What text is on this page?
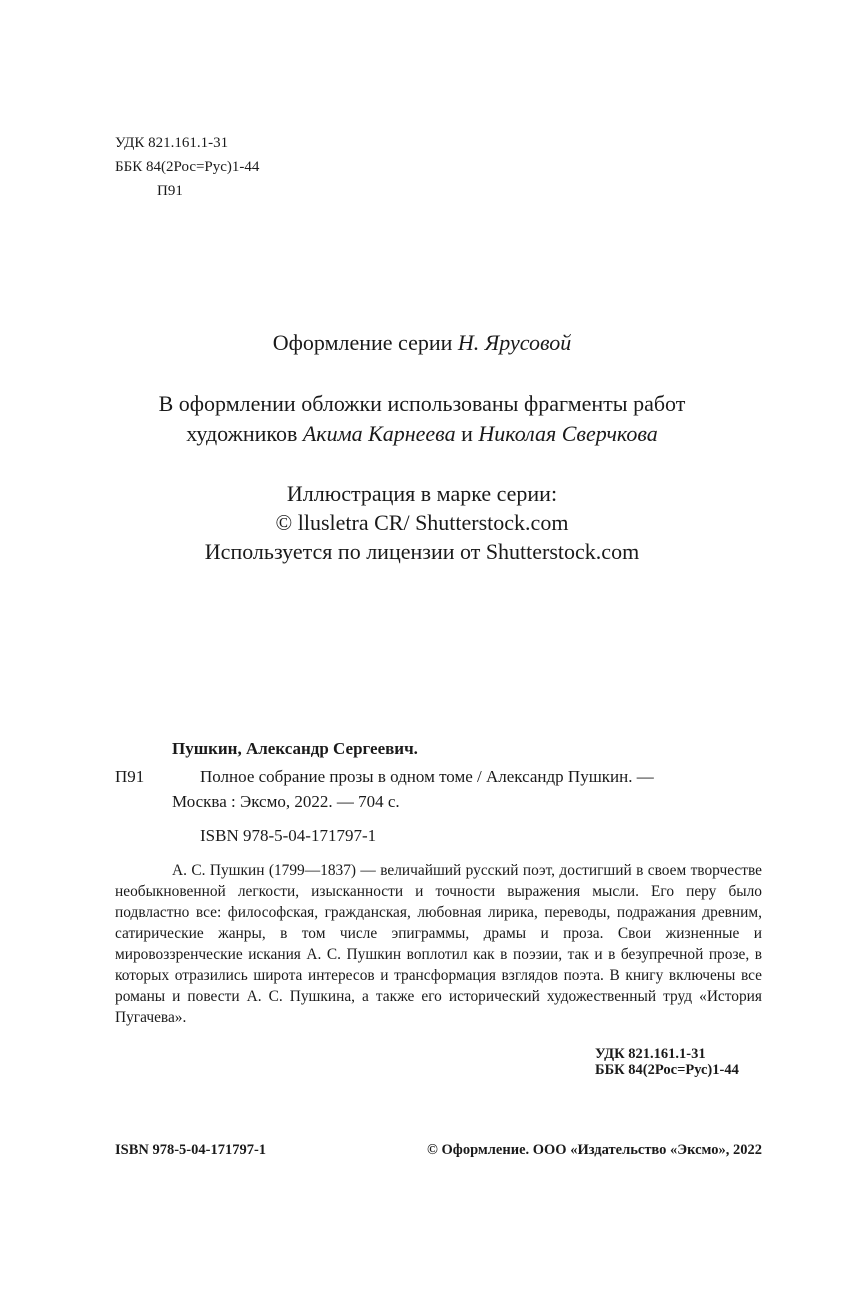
УДК 821.161.1-31
ББК 84(2Рос=Рус)1-44
П91
Оформление серии Н. Ярусовой
В оформлении обложки использованы фрагменты работ
художников Акима Карнеева и Николая Сверчкова
Иллюстрация в марке серии:
© llusletra CR/ Shutterstock.com
Используется по лицензии от Shutterstock.com
Пушкин, Александр Сергеевич.
П91	Полное собрание прозы в одном томе / Александр Пушкин. —
Москва : Эксмо, 2022. — 704 с.
ISBN 978-5-04-171797-1

А. С. Пушкин (1799—1837) — величайший русский поэт, достигший в своем творчестве необыкновенной легкости, изысканности и точности выражения мысли. Его перу было подвластно все: философская, гражданская, любовная лирика, переводы, подражания древним, сатирические жанры, в том числе эпиграммы, драмы и проза. Свои жизненные и мировоззренческие искания А. С. Пушкин воплотил как в поэзии, так и в безупречной прозе, в которых отразились широта интересов и трансформация взглядов поэта. В книгу включены все романы и повести А. С. Пушкина, а также его исторический художественный труд «История Пугачева».

УДК 821.161.1-31
ББК 84(2Рос=Рус)1-44
ISBN 978-5-04-171797-1	© Оформление. ООО «Издательство «Эксмо», 2022
